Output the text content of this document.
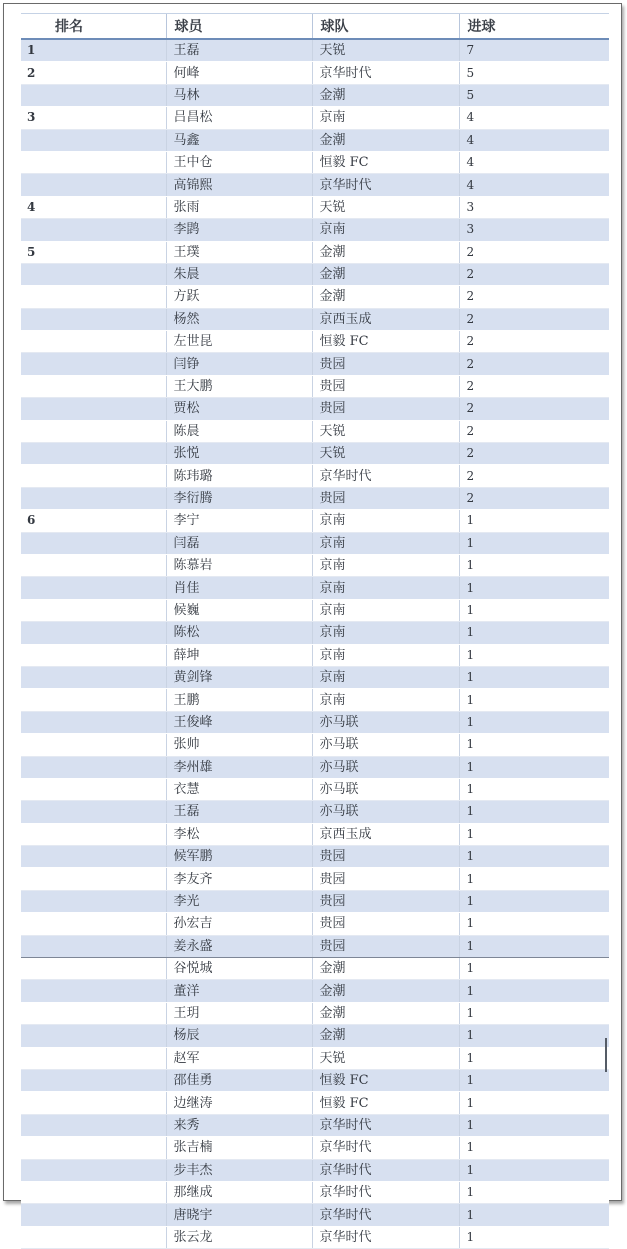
排名	球员	球队	进球
1	王磊	天锐	7
2	何峰	京华时代	5
	马林	金潮	5
3	吕昌松	京南	4
	马鑫	金潮	4
	王中仓	恒毅 FC	4
	高锦熙	京华时代	4
4	张雨	天锐	3
	李鹍	京南	3
5	王璞	金潮	2
	朱晨	金潮	2
	方跃	金潮	2
	杨然	京西玉成	2
	左世昆	恒毅 FC	2
	闫铮	贵园	2
	王大鹏	贵园	2
	贾松	贵园	2
	陈晨	天锐	2
	张悦	天锐	2
	陈玮璐	京华时代	2
	李衍腾	贵园	2
6	李宁	京南	1
	闫磊	京南	1
	陈慕岩	京南	1
	肖佳	京南	1
	候巍	京南	1
	陈松	京南	1
	薛坤	京南	1
	黄剑锋	京南	1
	王鹏	京南	1
	王俊峰	亦马联	1
	张帅	亦马联	1
	李州雄	亦马联	1
	衣慧	亦马联	1
	王磊	亦马联	1
	李松	京西玉成	1
	候军鹏	贵园	1
	李友齐	贵园	1
	李光	贵园	1
	孙宏吉	贵园	1
	姜永盛	贵园	1
	谷悦城	金潮	1
	董洋	金潮	1
	王玥	金潮	1
	杨辰	金潮	1
	赵军	天锐	1
	邵佳勇	恒毅 FC	1
	边继涛	恒毅 FC	1
	来秀	京华时代	1
	张吉楠	京华时代	1
	步丰杰	京华时代	1
	那继成	京华时代	1
	唐晓宇	京华时代	1
	张云龙	京华时代	1
